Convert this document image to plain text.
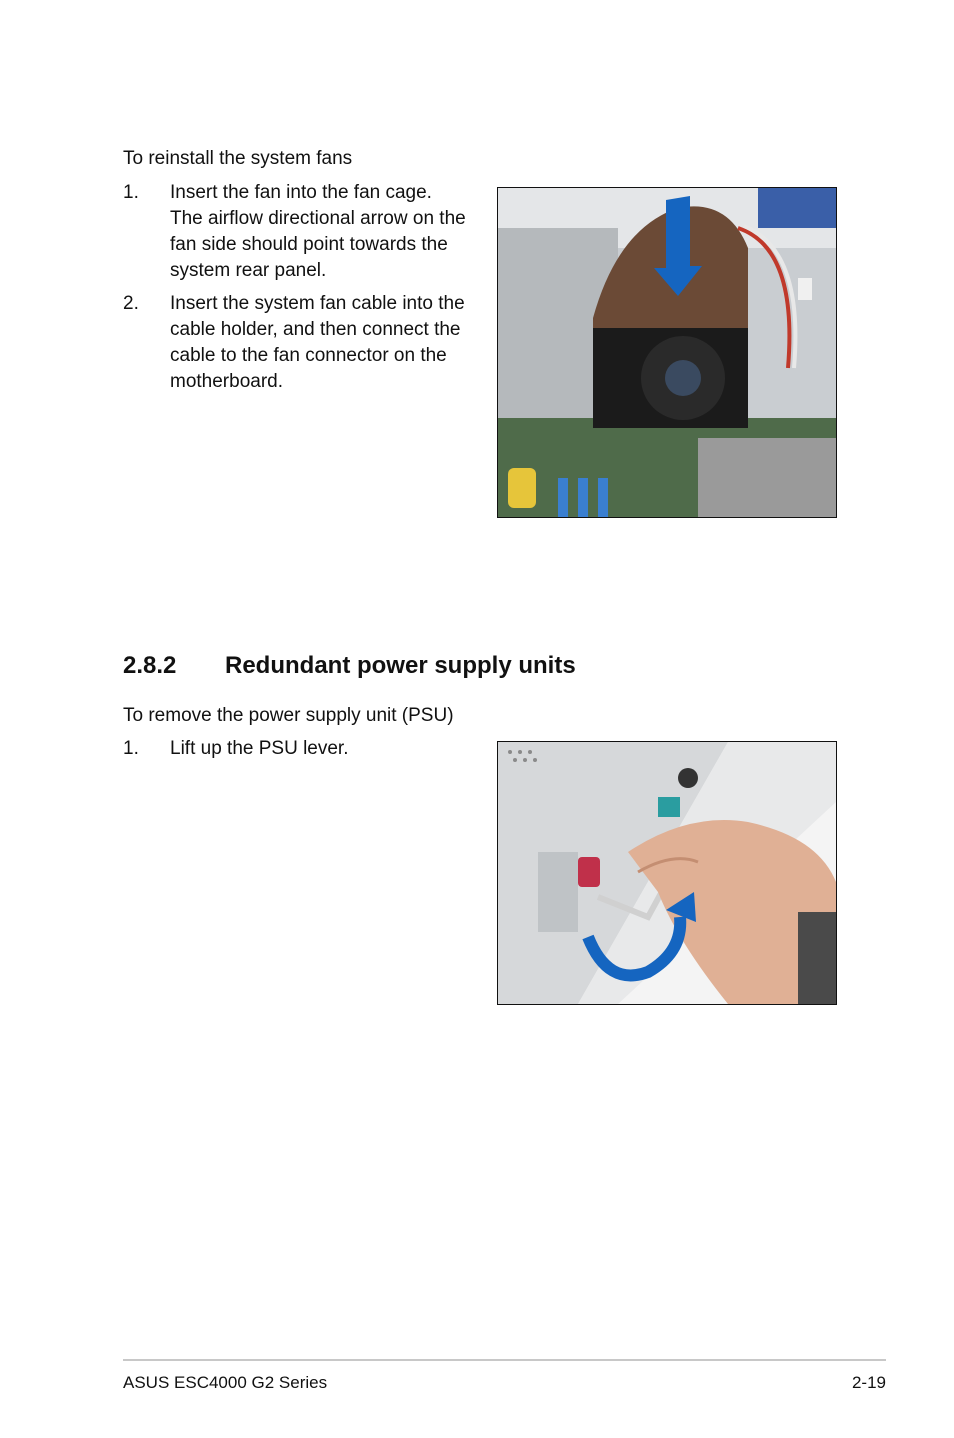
To reinstall the system fans

1. Insert the fan into the fan cage.
The airflow directional arrow on the
fan side should point towards the
system rear panel.
2. Insert the system fan cable into the
cable holder, and then connect the
cable to the fan connector on the
motherboard.
2.8.2 Redundant power supply units

To remove the power supply unit (PSU)

1. Lift up the PSU lever.
ASUS ESC4000 G2 Series	2-19
